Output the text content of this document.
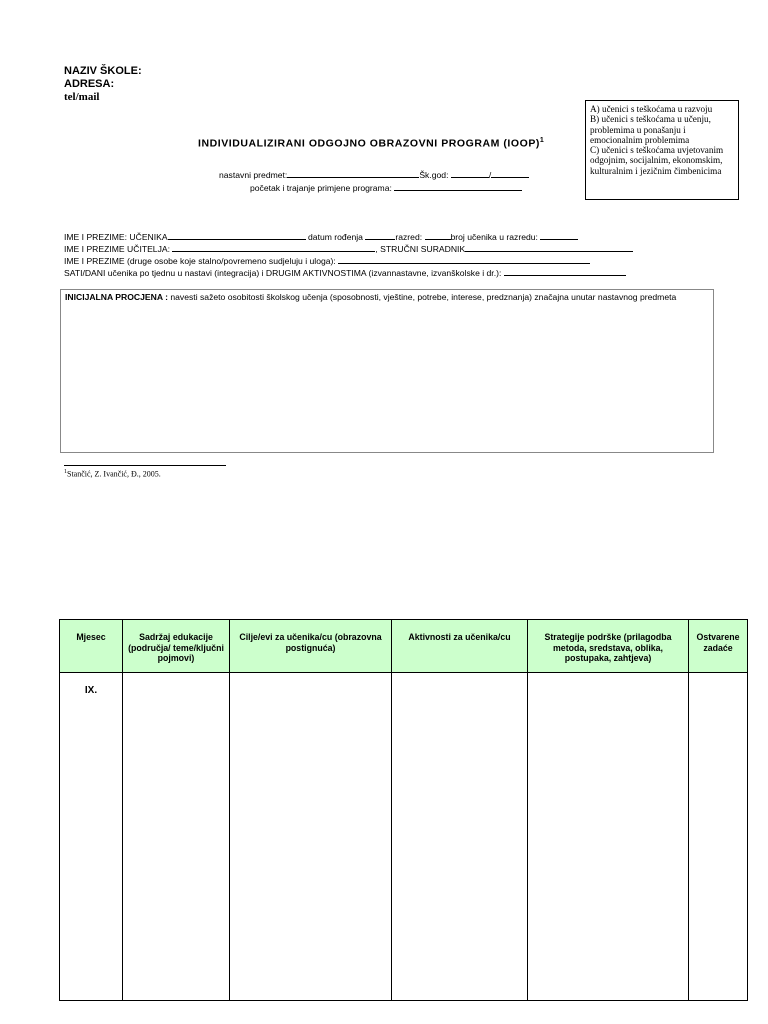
NAZIV ŠKOLE:
ADRESA:
tel/mail
A) učenici s teškoćama u razvoju
B) učenici s teškoćama u učenju, problemima u ponašanju i emocionalnim problemima
C) učenici s teškoćama uvjetovanim odgojnim, socijalnim, ekonomskim, kulturalnim i jezičnim čimbenicima
INDIVIDUALIZIRANI ODGOJNO OBRAZOVNI PROGRAM (IOOP)$^1$
nastavni predmet:	Šk.god:	/
početak i trajanje primjene programa:
IME I PREZIME: UČENIKA	datum rođenja	razred:	broj učenika u razredu:
IME I PREZIME UČITELJA:	, STRUČNI SURADNIK
IME I PREZIME (druge osobe koje stalno/povremeno sudjeluju i uloga):
SATI/DANI učenika po tjednu u nastavi (integracija) i DRUGIM AKTIVNOSTIMA (izvannastavne, izvanškolske i dr.):
INICIJALNA PROCJENA : navesti sažeto osobitosti školskog učenja (sposobnosti, vještine, potrebe, interese, predznanja) značajna unutar nastavnog predmeta
$^1$Stančić, Z. Ivančić, Đ., 2005.
Mjesec	Sadržaj edukacije (područja/ teme/ključni pojmovi)	Cilje/evi za učenika/cu (obrazovna postignuća)	Aktivnosti za učenika/cu	Strategije podrške (prilagodba metoda, sredstava, oblika, postupaka, zahtjeva)	Ostvarene zadaće
IX.					
